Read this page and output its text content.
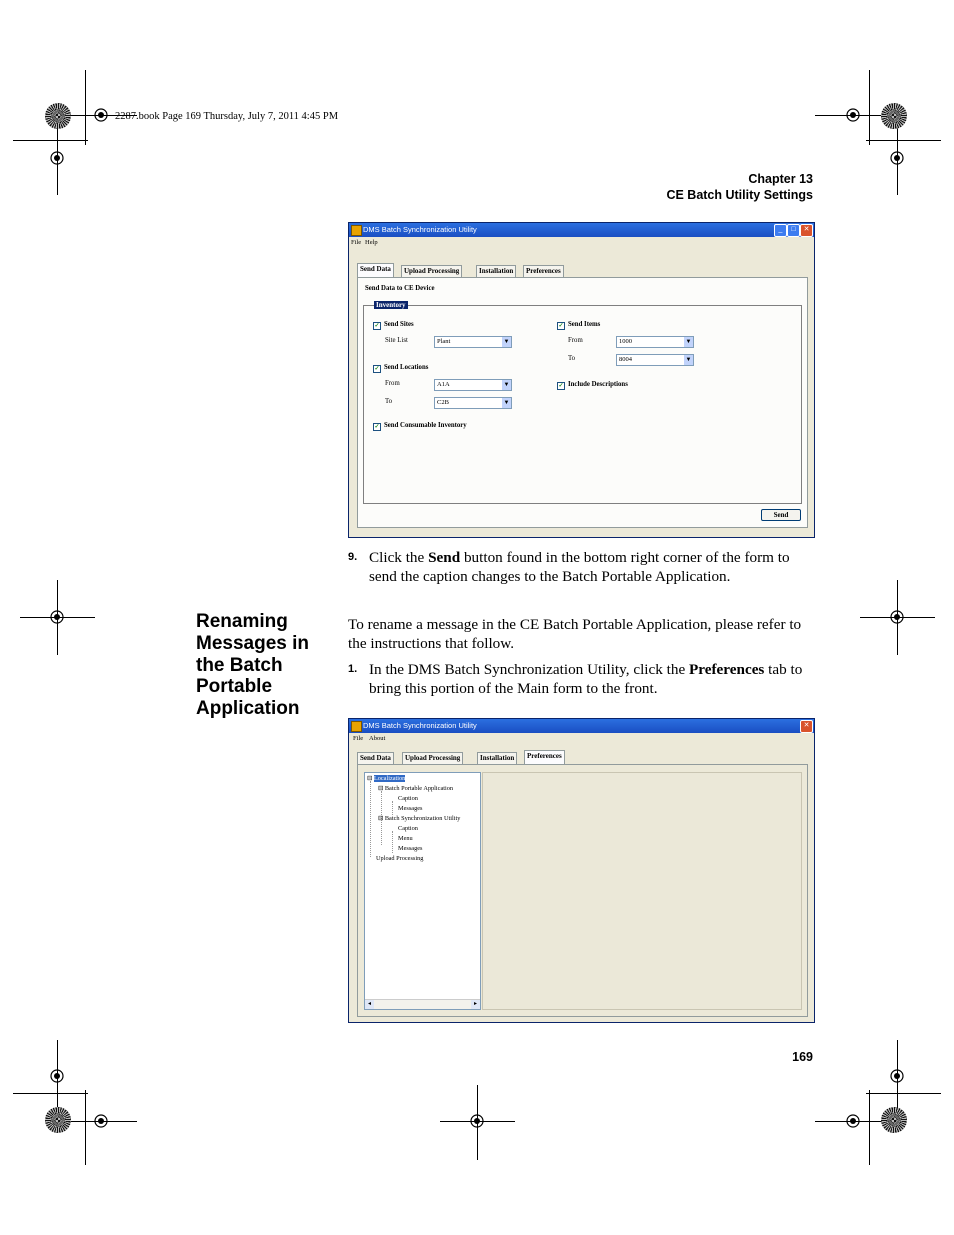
2287.book Page 169 Thursday, July 7, 2011 4:45 PM
Chapter 13
CE Batch Utility Settings
DMS Batch Synchronization Utility	_	□	✕
File Help
Send Data	Upload Processing	Installation	Preferences
Send Data to CE Device
Inventory
✓ Send Sites
Site List	Plant	▼
✓ Send Locations
From	A1A	▼
To	C2B	▼
✓ Send Consumable Inventory
✓ Send Items
From	1000	▼
To	8004	▼
✓ Include Descriptions
Send
9. Click the Send button found in the bottom right corner of the form to send the caption changes to the Batch Portable Application.
Renaming Messages in the Batch Portable Application
To rename a message in the CE Batch Portable Application, please refer to the instructions that follow.
1. In the DMS Batch Synchronization Utility, click the Preferences tab to bring this portion of the Main form to the front.
DMS Batch Synchronization Utility	✕
File About
Send Data	Upload Processing	Installation	Preferences
⊟ Localization
⊟ Batch Portable Application
Caption
Messages
⊟ Batch Synchronization Utility
Caption
Menu
Messages
Upload Processing
◂	▸
169
